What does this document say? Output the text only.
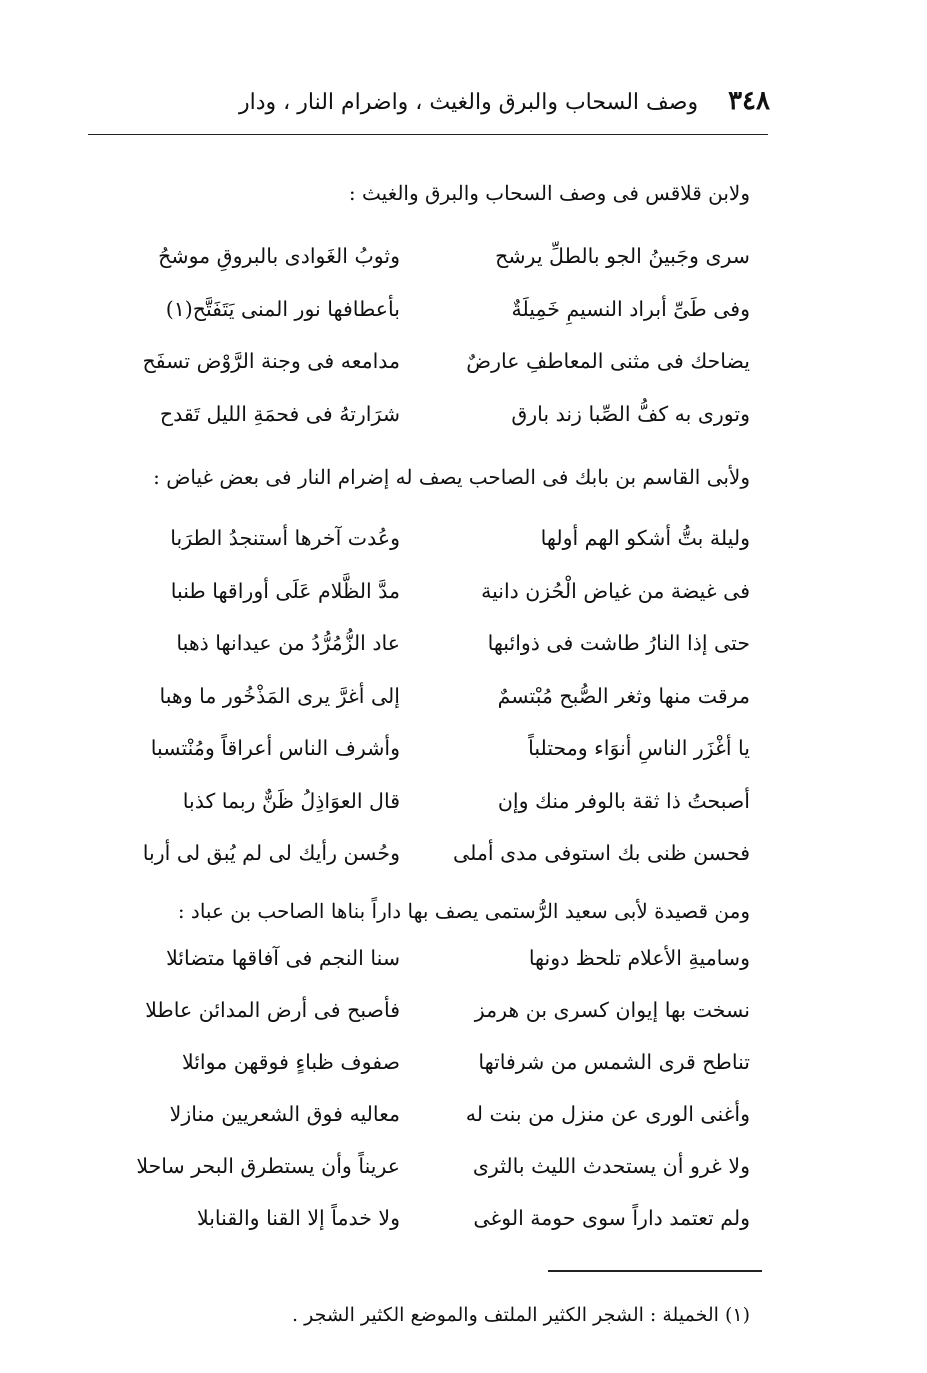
٣٤٨
وصف السحاب والبرق والغيث ، واضرام النار ، ودار
ولابن قلاقس فى وصف السحاب والبرق والغيث :
سرى وجَبينُ الجو بالطلِّ يرشح
وثوبُ الغَوادى بالبروقِ موشحُ
وفى طَىِّ أبراد النسيمِ خَمِيلَةٌ
بأعطافها نور المنى يَتَفَتَّح(١)
يضاحك فى مثنى المعاطفِ عارضٌ
مدامعه فى وجنة الرَّوْض تسفَح
وتورى به كفُّ الصِّبا زند بارق
شرَارتهُ فى فحمَةِ الليل تَقدح
ولأبى القاسم بن بابك فى الصاحب يصف له إضرام النار فى بعض غياض :
وليلة بتُّ أشكو الهم أولها
وعُدت آخرها أستنجدُ الطرَبا
فى غيضة من غياض الْحُزن دانية
مدَّ الظَّلام عَلَى أوراقها طنبا
حتى إذا النارُ طاشت فى ذوائبها
عاد الزُّمُرُّدُ من عيدانها ذهبا
مرقت منها وثغر الصُّبح مُبْتسمٌ
إلى أغرَّ يرى المَذْخُور ما وهبا
يا أغْزَر الناسِ أنوَاء ومحتلباً
وأشرف الناس أعراقاً ومُنْتسبا
أصبحتُ ذا ثقة بالوفر منك وإن
قال العوَاذِلُ ظَنٌّ ربما كذبا
فحسن ظنى بك استوفى مدى أملى
وحُسن رأيك لى لم يُبق لى أربا
ومن قصيدة لأبى سعيد الرُّستمى يصف بها داراً بناها الصاحب بن عباد :
وساميةِ الأعلام تلحظ دونها
سنا النجم فى آفاقها متضائلا
نسخت بها إيوان كسرى بن هرمز
فأصبح فى أرض المدائن عاطلا
تناطح قرى الشمس من شرفاتها
صفوف ظباءٍ فوقهن موائلا
وأغنى الورى عن منزل من بنت له
معاليه فوق الشعريين منازلا
ولا غرو أن يستحدث الليث بالثرى
عريناً وأن يستطرق البحر ساحلا
ولم تعتمد داراً سوى حومة الوغى
ولا خدماً إلا القنا والقنابلا
(١) الخميلة : الشجر الكثير الملتف والموضع الكثير الشجر .
